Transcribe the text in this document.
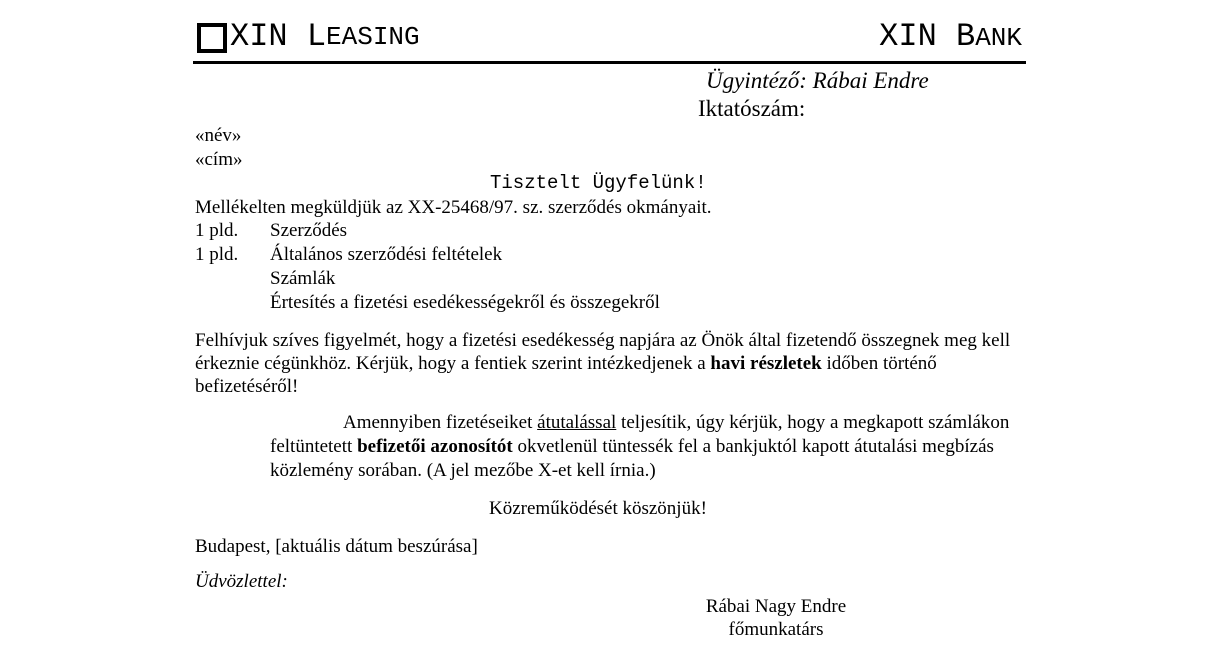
XIN
L EASING	XIN BANK
Ügyintéző: Rábai Endre
Iktatószám:
«név»
«cím»
Tisztelt Ügyfelünk!
Mellékelten megküldjük az XX-25468/97. sz. szerződés okmányait.
1 pld. Szerződés
1 pld. Általános szerződési feltételek
Számlák
Értesítés a fizetési esedékességekről és összegekről
Felhívjuk szíves figyelmét, hogy a fizetési esedékesség napjára az Önök által fizetendő összegnek meg kell érkeznie cégünkhöz. Kérjük, hogy a fentiek szerint intézkedjenek a havi részletek időben történő befizetéséről!
Amennyiben fizetéseiket átutalással teljesítik, úgy kérjük, hogy a megkapott számlákon feltüntetett befizetői azonosítót okvetlenül tüntessék fel a bankjuktól kapott átutalási megbízás közlemény sorában. (A jel mezőbe X-et kell írnia.)
Közreműködését köszönjük!
Budapest, [aktuális dátum beszúrása]
Üdvözlettel:
Rábai Nagy Endre
főmunkatárs
